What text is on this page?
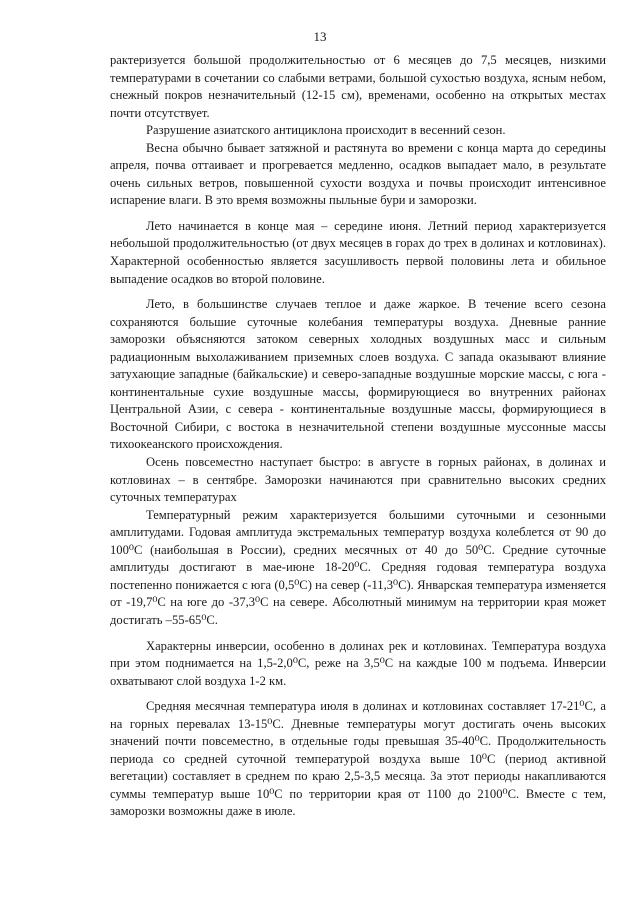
13

рактеризуется большой продолжительностью от 6 месяцев до 7,5 месяцев, низкими температурами в сочетании со слабыми ветрами, большой сухостью воздуха, ясным небом, снежный покров незначительный (12-15 см), временами, особенно на открытых местах почти отсутствует.

Разрушение азиатского антициклона происходит в весенний сезон.

Весна обычно бывает затяжной и растянута во времени с конца марта до середины апреля, почва оттаивает и прогревается медленно, осадков выпадает мало, в результате очень сильных ветров, повышенной сухости воздуха и почвы происходит интенсивное испарение влаги. В это время возможны пыльные бури и заморозки.

Лето начинается в конце мая – середине июня. Летний период характеризуется небольшой продолжительностью (от двух месяцев в горах до трех в долинах и котловинах). Характерной особенностью является засушливость первой половины лета и обильное выпадение осадков во второй половине.

Лето, в большинстве случаев теплое и даже жаркое. В течение всего сезона сохраняются большие суточные колебания температуры воздуха. Дневные ранние заморозки объясняются затоком северных холодных воздушных масс и сильным радиационным выхолаживанием приземных слоев воздуха. С запада оказывают влияние затухающие западные (байкальские) и северо-западные воздушные морские массы, с юга - континентальные сухие воздушные массы, формирующиеся во внутренних районах Центральной Азии, с севера - континентальные воздушные массы, формирующиеся в Восточной Сибири, с востока в незначительной степени воздушные муссонные массы тихоокеанского происхождения.

Осень повсеместно наступает быстро: в августе в горных районах, в долинах и котловинах – в сентябре. Заморозки начинаются при сравнительно высоких средних суточных температурах

Температурный режим характеризуется большими суточными и сезонными амплитудами. Годовая амплитуда экстремальных температур воздуха колеблется от 90 до 100⁰С (наибольшая в России), средних месячных от 40 до 50⁰С. Средние суточные амплитуды достигают в мае-июне 18-20⁰С. Средняя годовая температура воздуха постепенно понижается с юга (0,5⁰С) на север (-11,3⁰С). Январская температура изменяется от -19,7⁰С на юге до -37,3⁰С на севере. Абсолютный минимум на территории края может достигать –55-65⁰С.

Характерны инверсии, особенно в долинах рек и котловинах. Температура воздуха при этом поднимается на 1,5-2,0⁰С, реже на 3,5⁰С на каждые 100 м подъема. Инверсии охватывают слой воздуха 1-2 км.

Средняя месячная температура июля в долинах и котловинах составляет 17-21⁰С, а на горных перевалах 13-15⁰С. Дневные температуры могут достигать очень высоких значений почти повсеместно, в отдельные годы превышая 35-40⁰С. Продолжительность периода со средней суточной температурой воздуха выше 10⁰С (период активной вегетации) составляет в среднем по краю 2,5-3,5 месяца. За этот периоды накапливаются суммы температур выше 10⁰С по территории края от 1100 до 2100⁰С. Вместе с тем, заморозки возможны даже в июле.
